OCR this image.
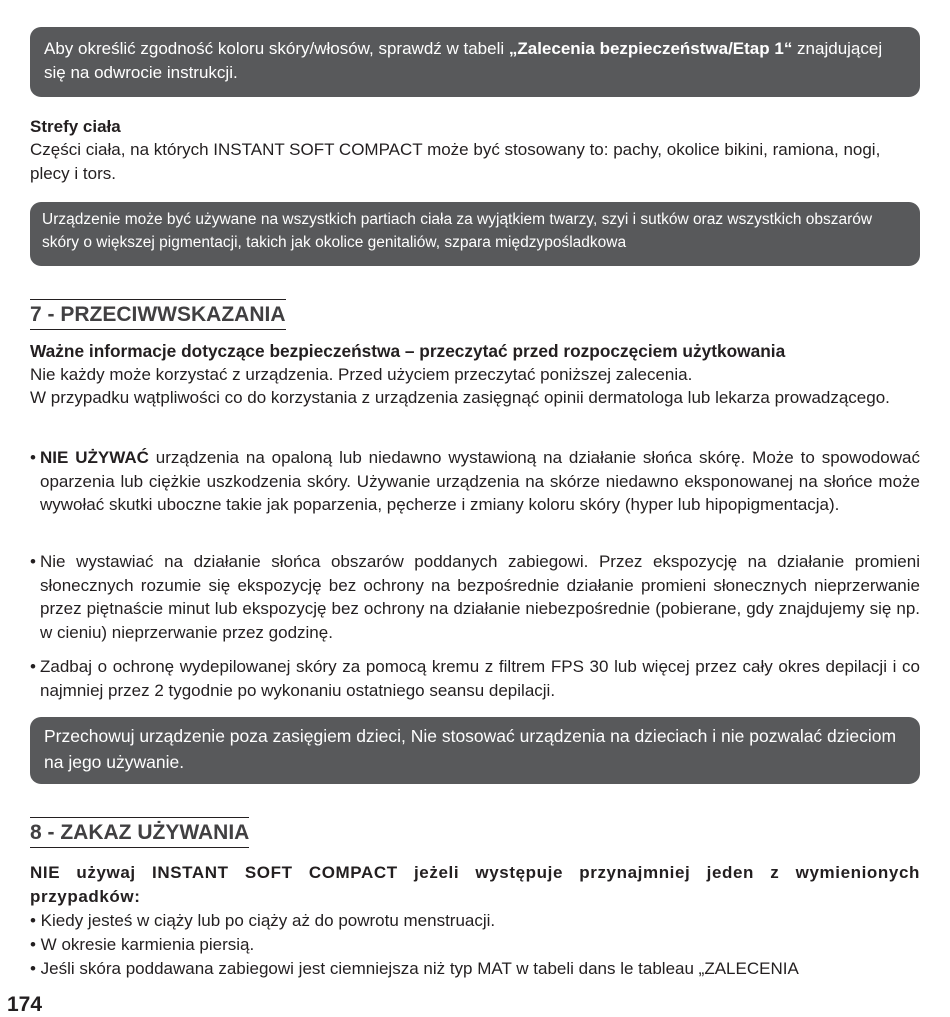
Aby określić zgodność koloru skóry/włosów, sprawdź w tabeli „Zalecenia bezpieczeństwa/Etap 1“ znajdującej się na odwrocie instrukcji.
Strefy ciała
Części ciała, na których INSTANT SOFT COMPACT może być stosowany to: pachy, okolice bikini, ramiona, nogi, plecy i tors.
Urządzenie może być używane na wszystkich partiach ciała za wyjątkiem twarzy, szyi i sutków oraz wszystkich obszarów skóry o większej pigmentacji, takich jak okolice genitaliów, szpara międzypośladkowa
7 - PRZECIWWSKAZANIA
Ważne informacje dotyczące bezpieczeństwa – przeczytać przed rozpoczęciem użytkowania
Nie każdy może korzystać z urządzenia. Przed użyciem przeczytać poniższej zalecenia.
W przypadku wątpliwości co do korzystania z urządzenia zasięgnąć opinii dermatologa lub lekarza prowadzącego.
• NIE UŻYWAĆ urządzenia na opaloną lub niedawno wystawioną na działanie słońca skórę. Może to spowodować oparzenia lub ciężkie uszkodzenia skóry. Używanie urządzenia na skórze niedawno eksponowanej na słońce może wywołać skutki uboczne takie jak poparzenia, pęcherze i zmiany koloru skóry (hyper lub hipopigmentacja).
• Nie wystawiać na działanie słońca obszarów poddanych zabiegowi. Przez ekspozycję na działanie promieni słonecznych rozumie się ekspozycję bez ochrony na bezpośrednie działanie promieni słonecznych nieprzerwanie przez piętnaście minut lub ekspozycję bez ochrony na działanie niebezpośrednie (pobierane, gdy znajdujemy się np. w cieniu) nieprzerwanie przez godzinę.
• Zadbaj o ochronę wydepilowanej skóry za pomocą kremu z filtrem FPS 30 lub więcej przez cały okres depilacji i co najmniej przez 2 tygodnie po wykonaniu ostatniego seansu depilacji.
Przechowuj urządzenie poza zasięgiem dzieci, Nie stosować urządzenia na dzieciach i nie pozwalać dzieciom na jego używanie.
8 - ZAKAZ UŻYWANIA
NIE używaj INSTANT SOFT COMPACT jeżeli występuje przynajmniej jeden z wymienionych przypadków:
• Kiedy jesteś w ciąży lub po ciąży aż do powrotu menstruacji.
• W okresie karmienia piersią.
• Jeśli skóra poddawana zabiegowi jest ciemniejsza niż typ MAT w tabeli dans le tableau „ZALECENIA
174
